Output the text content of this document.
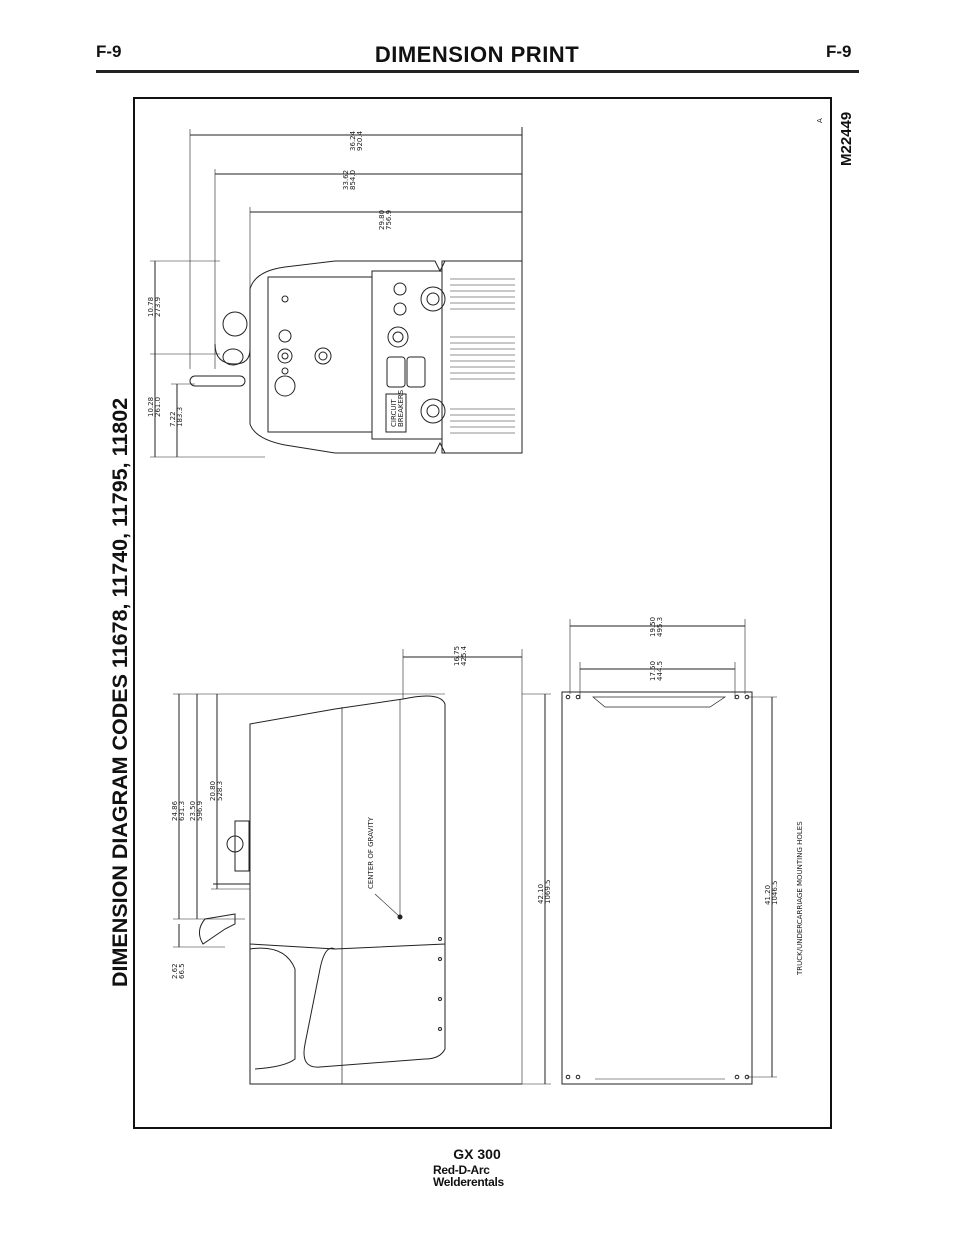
F-9	DIMENSION PRINT	F-9
DIMENSION DIAGRAM CODES 11678, 11740, 11795, 11802
M22449
A
CIRCUIT BREAKERS
36.24 920.4
33.62 854.0
29.80 756.9
10.78 273.9
10.28 261.0
7.22 183.3
CENTER OF GRAVITY
16.75 425.4
24.86 631.3 23.50 596.9
20.80 528.3
2.62 66.5
42.10 1069.5
19.50 495.3
17.50 444.5
41.20 1046.5 TRUCK/UNDERCARRIAGE MOUNTING HOLES
GX 300
Red-D-Arc
Welderentals
